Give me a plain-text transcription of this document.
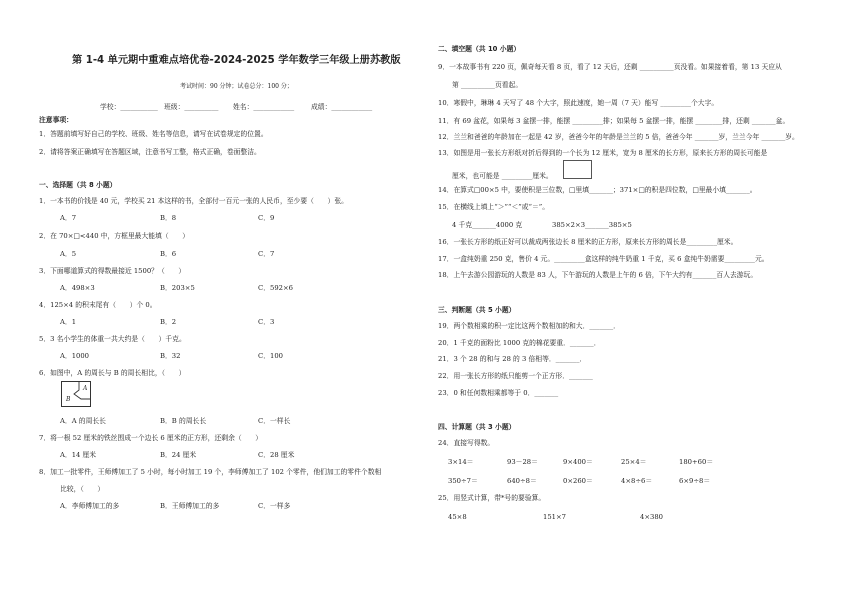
第 1-4 单元期中重难点培优卷-2024-2025 学年数学三年级上册苏教版
考试时间：90 分钟；试卷总分：100 分；
学校：___________ 班级：__________ 姓名：____________ 成绩：____________
注意事项：
1．答题前填写好自己的学校、班级、姓名等信息，请写在试卷规定的位置。
2．请将答案正确填写在答题区域，注意书写工整，格式正确，卷面整洁。
一、选择题（共 8 小题）
1．一本书的价钱是 40 元，学校买 21 本这样的书，全部付一百元一张的人民币，至少要（　　）张。
A．7	B．8	C．9
2．在 70×□<440 中，方框里最大能填（　　）
A．5	B．6	C．7
3．下面哪道算式的得数最接近 1500？（　　）
A．498×3	B．203×5	C．592×6
4．125×4 的积末尾有（　　）个 0。
A．1	B．2	C．3
5．3 名小学生的体重一共大约是（　　）千克。
A．1000	B．32	C．100
6．如图中，A 的周长与 B 的周长相比，（　　）
A
B
A．A 的周长长	B．B 的周长长	C．一样长
7．将一根 52 厘米的铁丝围成一个边长 6 厘米的正方形，还剩余（　　）
A．14 厘米	B．24 厘米	C．28 厘米
8．加工一批零件，王师傅加工了 5 小时，每小时加工 19 个，李师傅加工了 102 个零件，他们加工的零件个数相
比较，（　　）
A．李师傅加工的多	B．王师傅加工的多	C．一样多
二、填空题（共 10 小题）
9．一本故事书有 220 页，佩奇每天看 8 页，看了 12 天后，还剩 __________页没看。如果接着看，第 13 天应从
第 __________页看起。
10．寒假中，琳琳 4 天写了 48 个大字，照此速度，她一周（7 天）能写 _________个大字。
11．有 69 盆花，如果每 3 盆摆一排，能摆 _________排；如果每 5 盆摆一排，能摆 ________排，还剩 _______盆。
12．兰兰和爸爸的年龄加在一起是 42 岁，爸爸今年的年龄是兰兰的 5 倍，爸爸今年 _______岁，兰兰今年 _______岁。
13．如图是用一张长方形纸对折后得到的一个长为 12 厘米，宽为 8 厘米的长方形，原来长方形的周长可能是
厘米，也可能是 _________厘米。
14．在算式□00×5 中，要使积是三位数，□里填_______；371×□的积是四位数，□里最小填_______。
15．在横线上填上“＞”“＜”或“＝”。
4 千克_______4000 克	385×2×3_______385×5
16．一张长方形的纸正好可以裁成两张边长 8 厘米的正方形，原来长方形的周长是_________厘米。
17．一盒纯奶重 250 克，售价 4 元。_________盒这样的纯牛奶重 1 千克，买 6 盒纯牛奶需要_________元。
18．上午去游公园游玩的人数是 83 人，下午游玩的人数是上午的 6 倍，下午大约有_______百人去游玩。
三、判断题（共 5 小题）
19．两个数相乘的积一定比这两个数相加的和大．_______．
20．1 千克的面粉比 1000 克的棉花要重．_______．
21．3 个 28 的和与 28 的 3 倍相等．_______．
22．用一张长方形的纸只能剪一个正方形．_______
23．0 和任何数相乘都等于 0．_______
四、计算题（共 3 小题）
24．直接写得数。
3×14＝	93－28＝	9×400＝	25×4＝	180+60＝
350÷7＝	640÷8＝	0×260＝	4×8÷6＝	6×9÷8＝
25．用竖式计算，带*号的要验算。
45×8	151×7	4×380
